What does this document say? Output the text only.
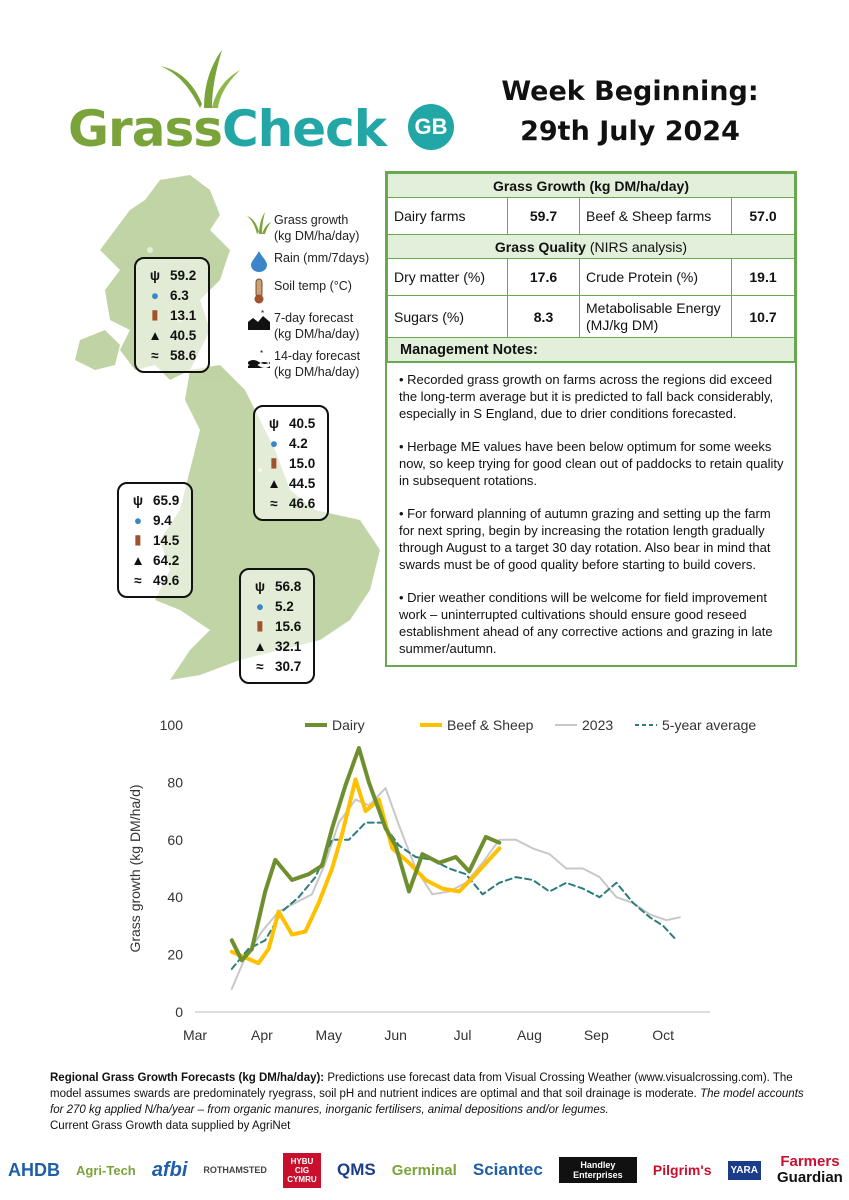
GrassCheck GB
Week Beginning:
29th July 2024
Grass growth
(kg DM/ha/day)
Rain (mm/7days)
Soil temp (°C)
* 7-day forecast
(kg DM/ha/day)
* 14-day forecast
(kg DM/ha/day)
ψ 59.2
● 6.3
▮ 13.1
▲ 40.5
≈ 58.6
ψ 40.5
● 4.2
▮ 15.0
▲ 44.5
≈ 46.6
ψ 65.9
● 9.4
▮ 14.5
▲ 64.2
≈ 49.6	ψ 56.8
● 5.2
▮ 15.6
▲ 32.1
≈ 30.7
Grass Growth (kg DM/ha/day)			
Dairy farms	59.7	Beef & Sheep farms	57.0
Grass Quality (NIRS analysis)			
Dry matter (%)	17.6	Crude Protein (%)	19.1
Sugars (%)	8.3	Metabolisable Energy (MJ/kg DM)	10.7
Management Notes:			

• Recorded grass growth on farms across the regions did exceed the long-term average but it is predicted to fall back considerably, especially in S England, due to drier conditions forecasted.

• Herbage ME values have been below optimum for some weeks now, so keep trying for good clean out of paddocks to retain quality in subsequent rotations.

• For forward planning of autumn grazing and setting up the farm for next spring, begin by increasing the rotation length gradually through August to a target 30 day rotation. Also bear in mind that swards must be of good quality before starting to build covers.

• Drier weather conditions will be welcome for field improvement work – uninterrupted cultivations should ensure good reseed establishment ahead of any corrective actions and grazing in late summer/autumn.

0
20
40
60
80
100
Mar	Apr	May	Jun	Jul	Aug	Sep	Oct
Grass growth (kg DM/ha/d)
Dairy	Beef & Sheep	2023	5-year average
Regional Grass Growth Forecasts (kg DM/ha/day): Predictions use forecast data from Visual Crossing Weather (www.visualcrossing.com). The model assumes swards are predominately ryegrass, soil pH and nutrient indices are optimal and that soil drainage is moderate. The model accounts for 270 kg applied N/ha/year – from organic manures, inorganic fertilisers, animal depositions and/or legumes.
Current Grass Growth data supplied by AgriNet
AHDB Agri-Tech afbi ROTHAMSTED
HYBU CIG CYMRU QMS Germinal Sciantec	Handley Enterprises	Pilgrim's	YARA Farmers
Guardian
